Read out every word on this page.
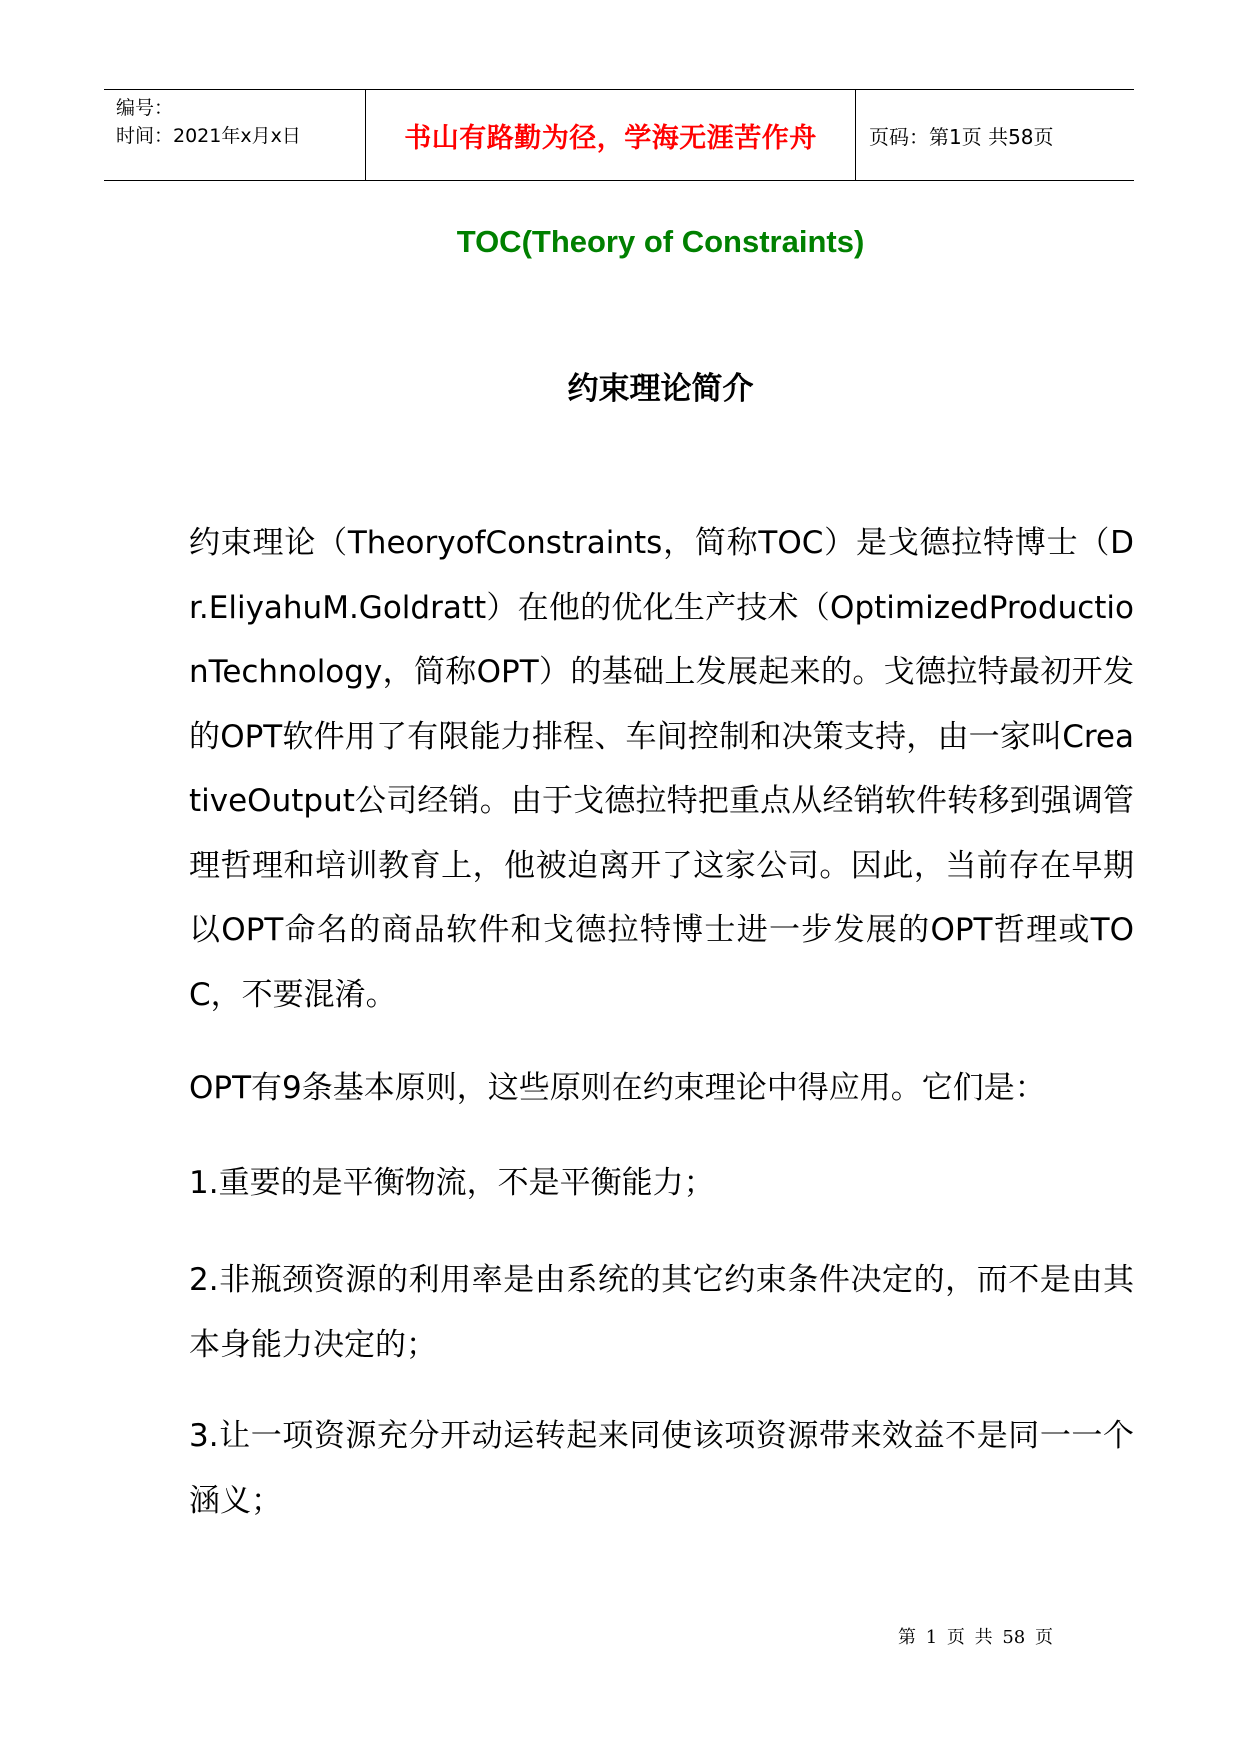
编号：
时间：2021年x月x日	书山有路勤为径，学海无涯苦作舟	页码：第1页 共58页
TOC(Theory of Constraints)
约束理论简介
约束理论（TheoryofConstraints，简称TOC）是戈德拉特博士（Dr.EliyahuM.Goldratt）在他的优化生产技术（OptimizedProductionTechnology，简称OPT）的基础上发展起来的。戈德拉特最初开发的OPT软件用了有限能力排程、车间控制和决策支持，由一家叫CreativeOutput公司经销。由于戈德拉特把重点从经销软件转移到强调管理哲理和培训教育上，他被迫离开了这家公司。因此，当前存在早期以OPT命名的商品软件和戈德拉特博士进一步发展的OPT哲理或TOC，不要混淆。
OPT有9条基本原则，这些原则在约束理论中得应用。它们是：
1.重要的是平衡物流，不是平衡能力；
2.非瓶颈资源的利用率是由系统的其它约束条件决定的，而不是由其本身能力决定的；
3.让一项资源充分开动运转起来同使该项资源带来效益不是同一一个涵义；
第 1 页 共 58 页
